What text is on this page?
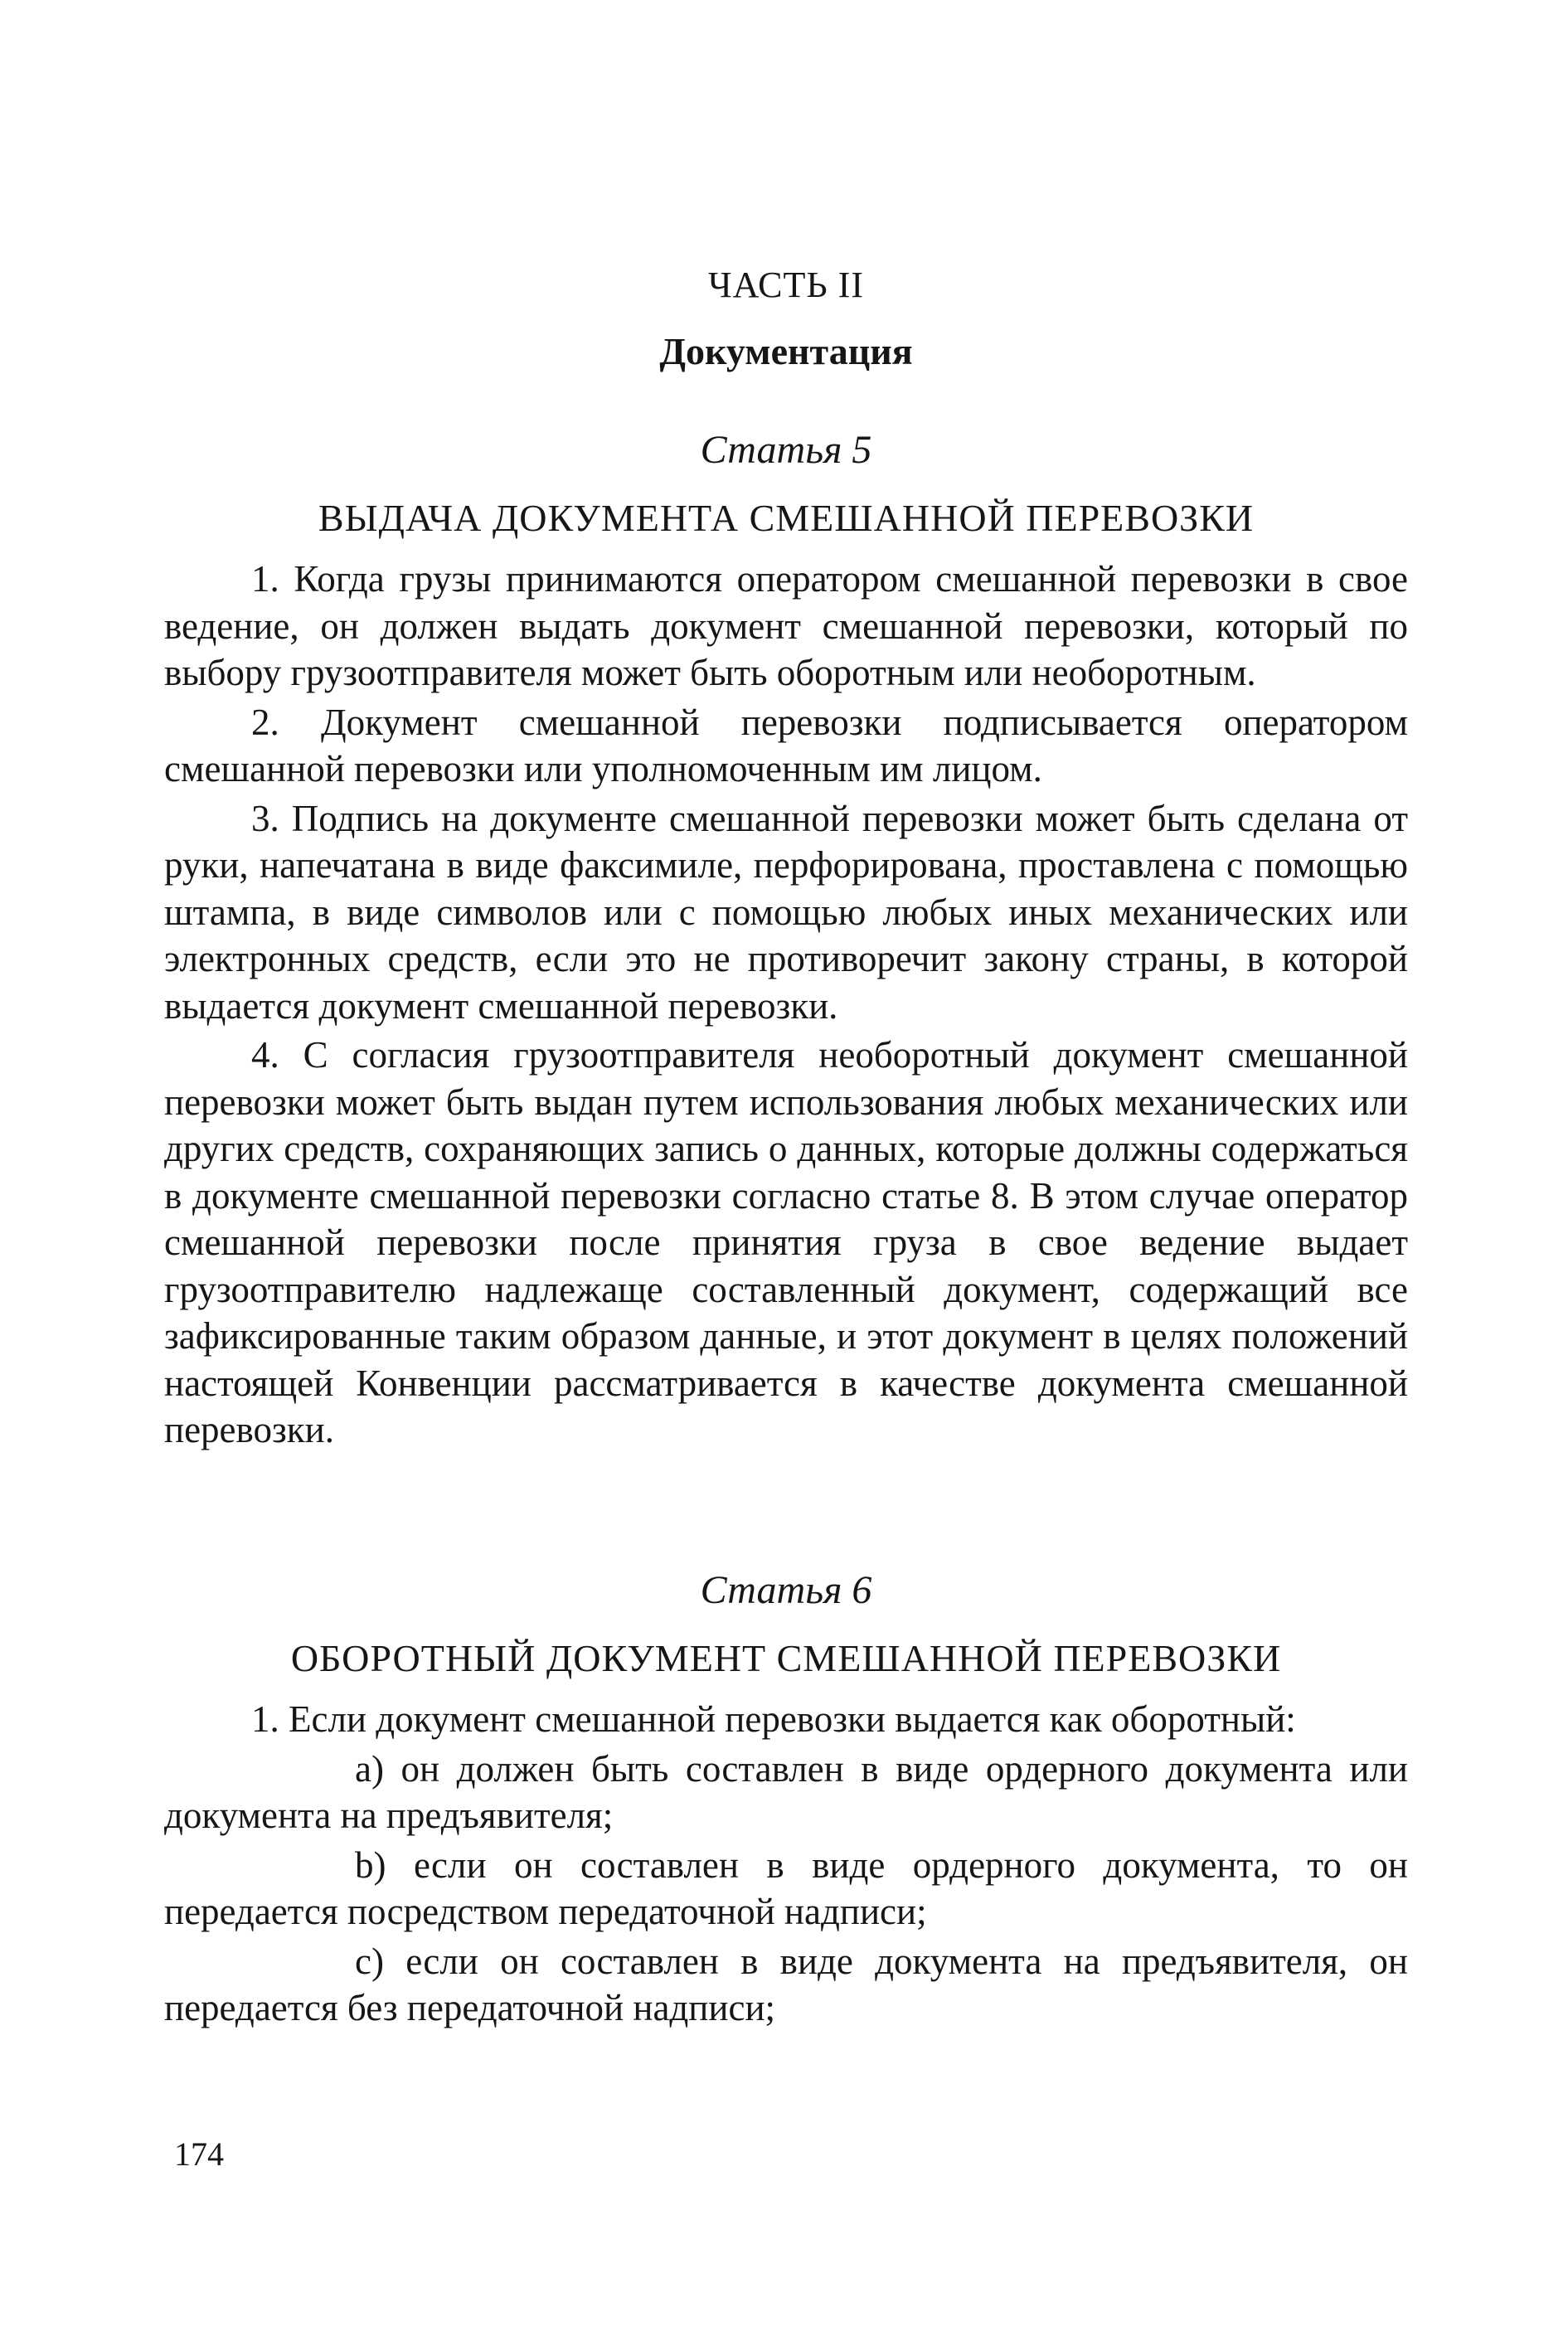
ЧАСТЬ II
Документация
Статья 5
ВЫДАЧА ДОКУМЕНТА СМЕШАННОЙ ПЕРЕВОЗКИ

1. Когда грузы принимаются оператором смешанной перевозки в свое ведение, он должен выдать документ смешанной перевозки, который по выбору грузоотправителя может быть оборотным или необоротным.

2. Документ смешанной перевозки подписывается оператором смешанной перевозки или уполномоченным им лицом.

3. Подпись на документе смешанной перевозки может быть сделана от руки, напечатана в виде факсимиле, перфорирована, проставлена с помощью штампа, в виде символов или с помощью любых иных механических или электронных средств, если это не противоречит закону страны, в которой выдается документ смешанной перевозки.

4. С согласия грузоотправителя необоротный документ смешанной перевозки может быть выдан путем использования любых механических или других средств, сохраняющих запись о данных, которые должны содержаться в документе смешанной перевозки согласно статье 8. В этом случае оператор смешанной перевозки после принятия груза в свое ведение выдает грузоотправителю надлежаще составленный документ, содержащий все зафиксированные таким образом данные, и этот документ в целях положений настоящей Конвенции рассматривается в качестве документа смешанной перевозки.

Статья 6
ОБОРОТНЫЙ ДОКУМЕНТ СМЕШАННОЙ ПЕРЕВОЗКИ

1. Если документ смешанной перевозки выдается как оборотный:

a) он должен быть составлен в виде ордерного документа или документа на предъявителя;

b) если он составлен в виде ордерного документа, то он передается посредством передаточной надписи;

c) если он составлен в виде документа на предъявителя, он передается без передаточной надписи;

174
